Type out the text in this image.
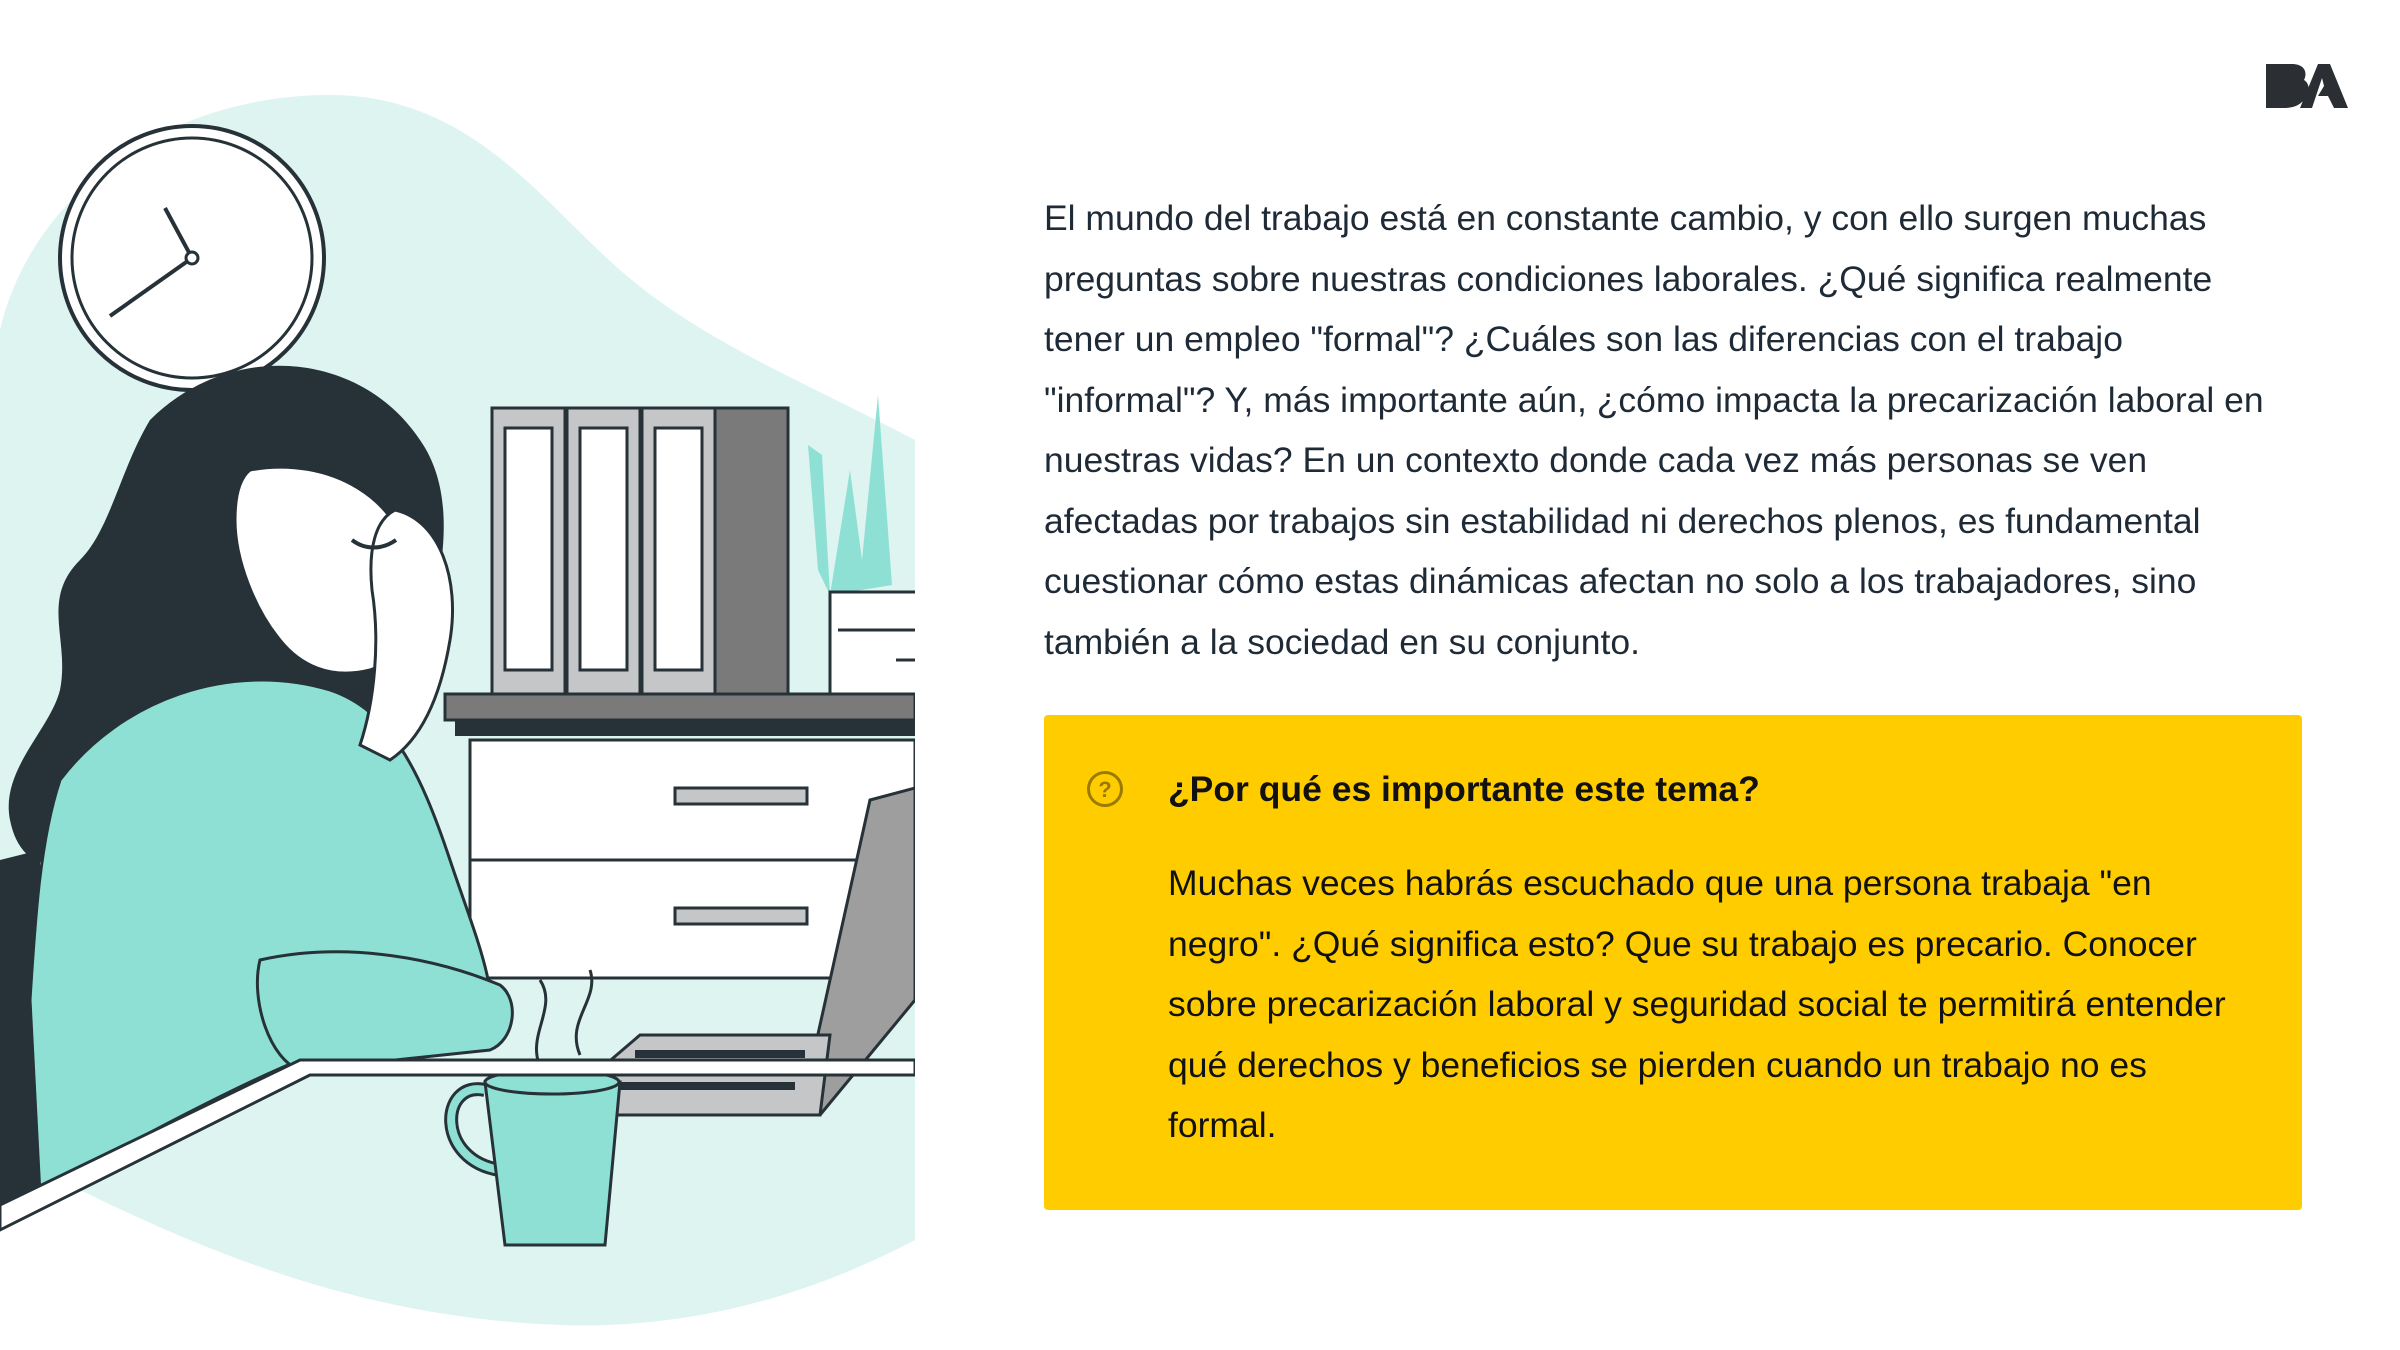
El mundo del trabajo está en constante cambio, y con ello surgen muchas preguntas sobre nuestras condiciones laborales. ¿Qué significa realmente tener un empleo "formal"? ¿Cuáles son las diferencias con el trabajo "informal"? Y, más importante aún, ¿cómo impacta la precarización laboral en nuestras vidas? En un contexto donde cada vez más personas se ven afectadas por trabajos sin estabilidad ni derechos plenos, es fundamental cuestionar cómo estas dinámicas afectan no solo a los trabajadores, sino también a la sociedad en su conjunto.

? ¿Por qué es importante este tema?

Muchas veces habrás escuchado que una persona trabaja "en negro". ¿Qué significa esto? Que su trabajo es precario. Conocer sobre precarización laboral y seguridad social te permitirá entender qué derechos y beneficios se pierden cuando un trabajo no es formal.
